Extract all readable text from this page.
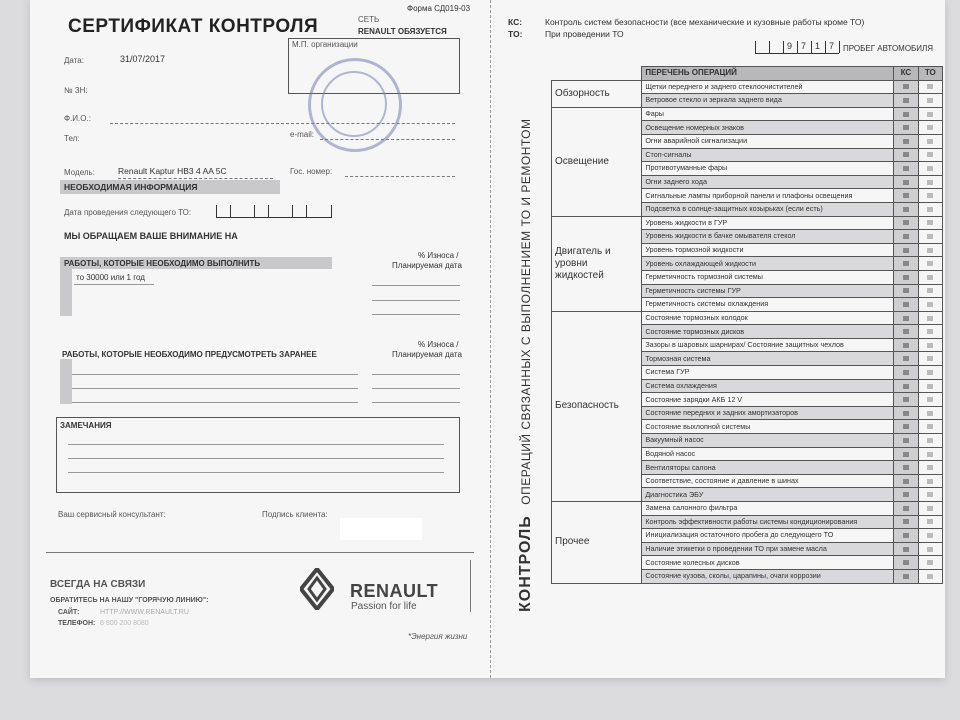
Форма СД019-03
СЕРТИФИКАТ КОНТРОЛЯ	СЕТЬ
RENAULT ОБЯЗУЕТСЯ
М.П. организации
Дата:	31/07/2017
№ ЗН:
Ф.И.О.:
Тел:	e-mail:
Модель:	Renault Kaptur HB3 4 AA 5C	Гос. номер:
НЕОБХОДИМАЯ ИНФОРМАЦИЯ
Дата проведения следующего ТО:
МЫ ОБРАЩАЕМ ВАШЕ ВНИМАНИЕ НА
% Износа /
Планируемая дата
РАБОТЫ, КОТОРЫЕ НЕОБХОДИМО ВЫПОЛНИТЬ
то 30000 или 1 год
% Износа /
Планируемая дата
РАБОТЫ, КОТОРЫЕ НЕОБХОДИМО ПРЕДУСМОТРЕТЬ ЗАРАНЕЕ
ЗАМЕЧАНИЯ
Ваш сервисный консультант:	Подпись клиента:
ВСЕГДА НА СВЯЗИ
ОБРАТИТЕСЬ НА НАШУ "ГОРЯЧУЮ ЛИНИЮ":
САЙТ:	HTTP://WWW.RENAULT.RU
ТЕЛЕФОН: 8 800 200 8080
RENAULT
Passion for life
*Энергия жизни
КС:	Контроль систем безопасности (все механические и кузовные работы кроме ТО)
ТО:	При проведении ТО
9 7 1 7 ПРОБЕГ АВТОМОБИЛЯ
КОНТРОЛЬ ОПЕРАЦИЙ СВЯЗАННЫХ С ВЫПОЛНЕНИЕМ ТО И РЕМОНТОМ
	ПЕРЕЧЕНЬ ОПЕРАЦИЙ	КС	ТО
Обзорность	Щетки переднего и заднего стеклоочистителей		
	Ветровое стекло и зеркала заднего вида		
Освещение	Фары		
	Освещение номерных знаков		
	Огни аварийной сигнализации		
	Стоп-сигналы		
	Противотуманные фары		
	Огни заднего хода		
	Сигнальные лампы приборной панели и плафоны освещения		
	Подсветка в солнце-защитных козырьках (если есть)		
Двигатель и уровни жидкостей	Уровень жидкости в ГУР		
	Уровень жидкости в бачке омывателя стекол		
	Уровень тормозной жидкости		
	Уровень охлаждающей жидкости		
	Герметичность тормозной системы		
	Герметичность системы ГУР		
	Герметичность системы охлаждения		
Безопасность	Состояние тормозных колодок		
	Состояние тормозных дисков		
	Зазоры в шаровых шарнирах/ Состояние защитных чехлов		
	Тормозная система		
	Система ГУР		
	Система охлаждения		
	Состояние зарядки АКБ 12 V		
	Состояние передних и задних амортизаторов		
	Состояние выхлопной системы		
	Вакуумный насос		
	Водяной насос		
	Вентиляторы салона		
	Соответствие, состояние и давление в шинах		
	Диагностика ЭБУ		
Прочее	Замена салонного фильтра		
	Контроль эффективности работы системы кондиционирования		
	Инициализация остаточного пробега до следующего ТО		
	Наличие этикетки о проведении ТО при замене масла		
	Состояние колесных дисков		
	Состояние кузова, сколы, царапины, очаги коррозии		
